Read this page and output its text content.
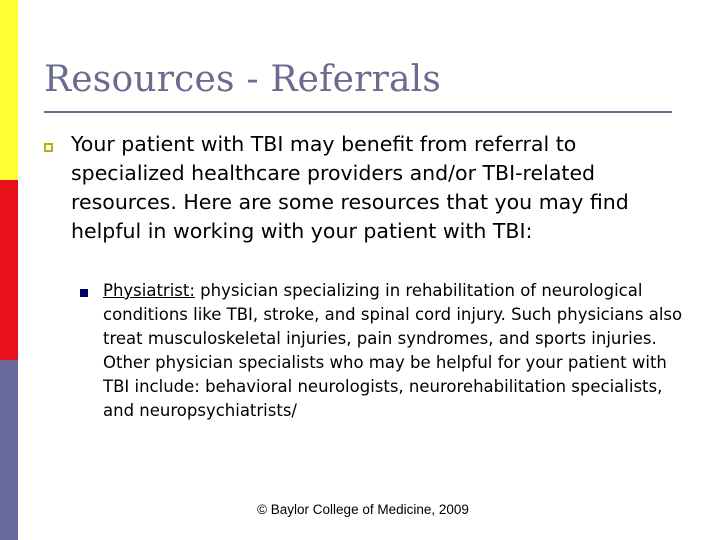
Resources - Referrals

Your patient with TBI may benefit from referral to specialized healthcare providers and/or TBI-related resources. Here are some resources that you may find helpful in working with your patient with TBI:

Physiatrist: physician specializing in rehabilitation of neurological conditions like TBI, stroke, and spinal cord injury. Such physicians also treat musculoskeletal injuries, pain syndromes, and sports injuries. Other physician specialists who may be helpful for your patient with TBI include: behavioral neurologists, neurorehabilitation specialists, and neuropsychiatrists/

© Baylor College of Medicine, 2009
